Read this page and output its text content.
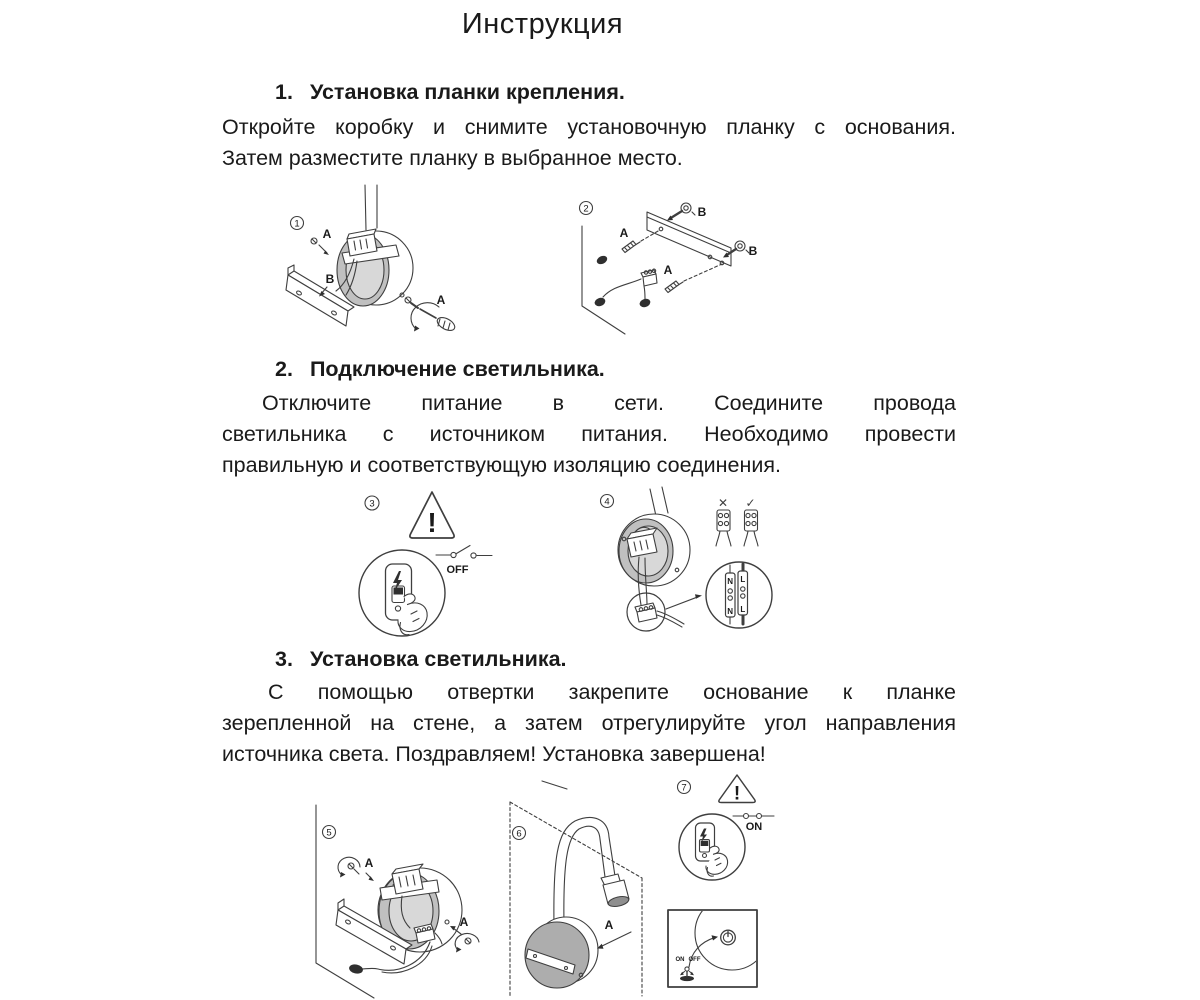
Инструкция
1. Установка планки крепления.
Откройте коробку и снимите установочную планку с основания.
Затем разместите планку в выбранное место.
1
A
B
A
2	B
B
A
A
2. Подключение светильника.
Отключите питание в сети. Соедините провода
светильника с источником питания. Необходимо провести
правильную и соответствующую изоляцию соединения.
3
!
OFF
4	✕ ✓
N
N
L
L
3. Установка светильника.
С помощью отвертки закрепите основание к планке
зерепленной на стене, а затем отрегулируйте угол направления
источника света. Поздравляем! Установка завершена!
5
A
A
6
A
7 !
ON
ON OFF
